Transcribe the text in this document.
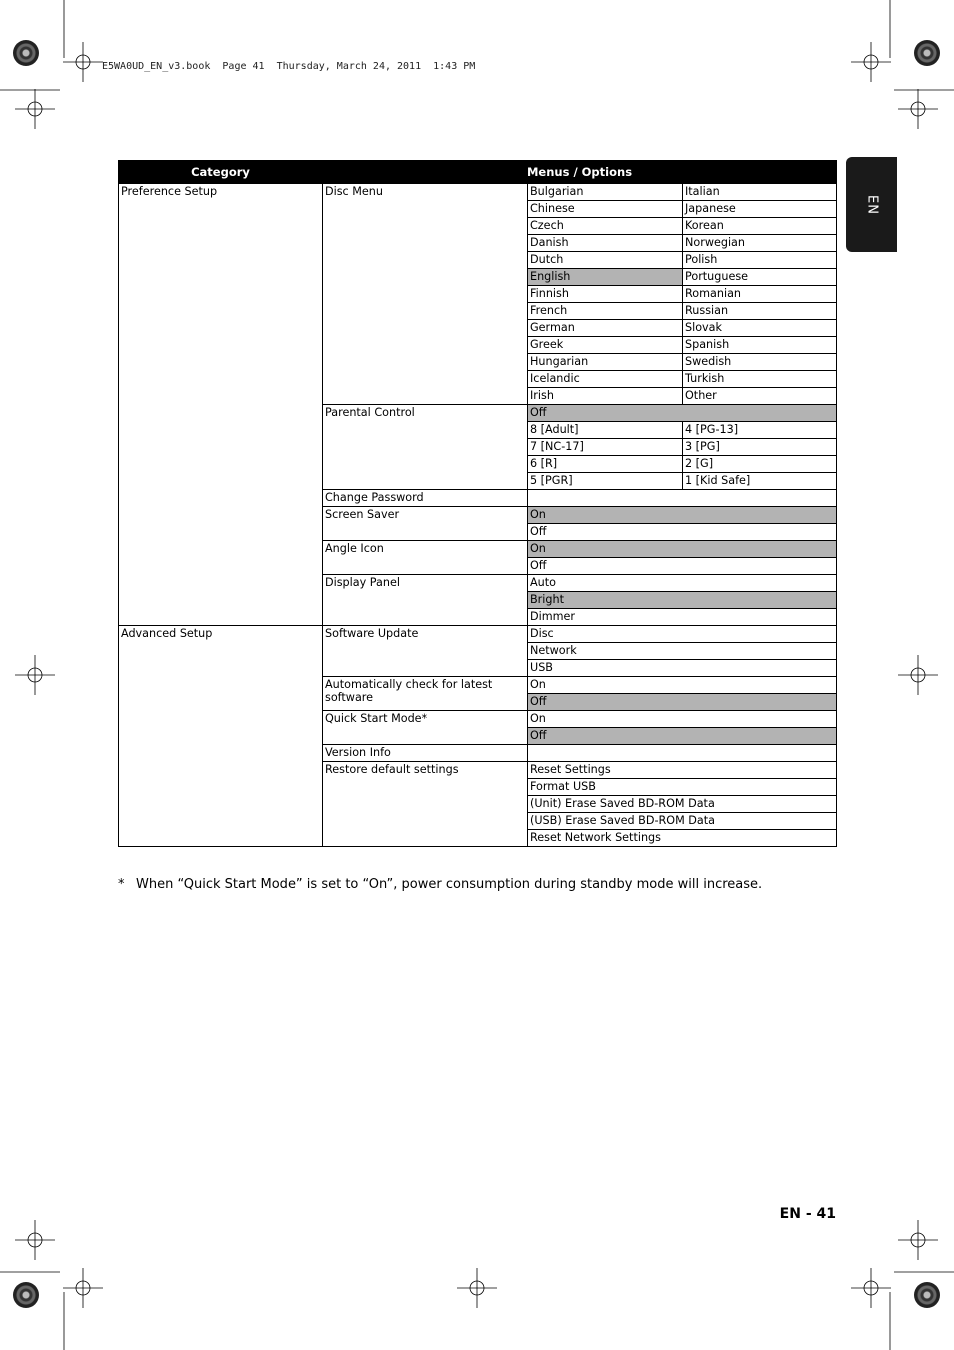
E5WA0UD_EN_v3.book  Page 41  Thursday, March 24, 2011  1:43 PM
EN
Category	Menus / Options		
Preference Setup	Disc Menu	Bulgarian	Italian
		Chinese	Japanese
		Czech	Korean
		Danish	Norwegian
		Dutch	Polish
		English	Portuguese
		Finnish	Romanian
		French	Russian
		German	Slovak
		Greek	Spanish
		Hungarian	Swedish
		Icelandic	Turkish
		Irish	Other
	Parental Control	Off	
		8 [Adult]	4 [PG-13]
		7 [NC-17]	3 [PG]
		6 [R]	2 [G]
		5 [PGR]	1 [Kid Safe]
	Change Password		
	Screen Saver	On	
		Off	
	Angle Icon	On	
		Off	
	Display Panel	Auto	
		Bright	
		Dimmer	
Advanced Setup	Software Update	Disc	
		Network	
		USB	
	Automatically check for latest software	On	
		Off	
	Quick Start Mode*	On	
		Off	
	Version Info		
	Restore default settings	Reset Settings	
		Format USB	
		(Unit) Erase Saved BD-ROM Data	
		(USB) Erase Saved BD-ROM Data	
		Reset Network Settings	
* When “Quick Start Mode” is set to “On”, power consumption during standby mode will increase.
EN - 41
